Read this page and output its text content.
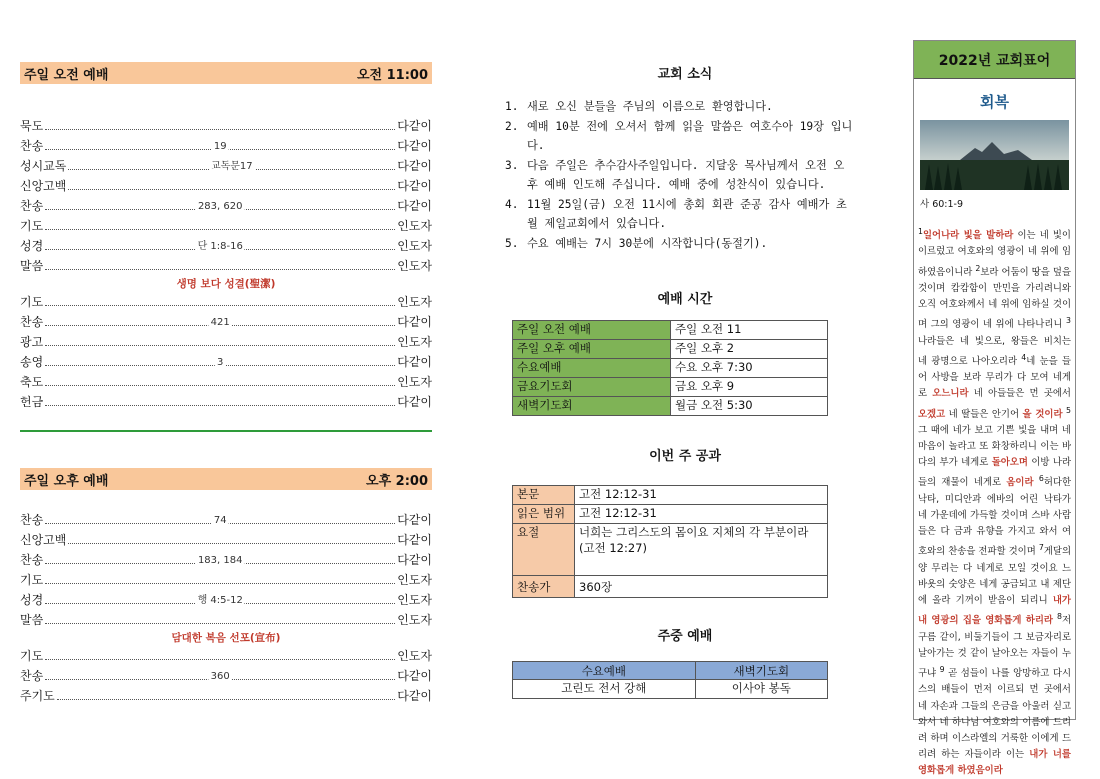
주일 오전 예배	오전 11:00
묵도	다같이
찬송	19	다같이
성시교독	교독문17	다같이
신앙고백	다같이
찬송	283, 620	다같이
기도	인도자
성경	단 1:8-16	인도자
말씀	인도자
기도	인도자
찬송	421	다같이
광고	인도자
송영	3	다같이
축도	인도자
헌금	다같이
생명 보다 성결(聖潔)
주일 오후 예배	오후 2:00
찬송	74	다같이
신앙고백	다같이
찬송	183, 184	다같이
기도	인도자
성경	행 4:5-12	인도자
말씀	인도자
기도	인도자
찬송	360	다같이
주기도	다같이
담대한 복음 선포(宣布)
교회 소식
1. 새로 오신 분들을 주님의 이름으로 환영합니다.
2. 예배 10분 전에 오셔서 함께 읽을 말씀은 여호수아 19장 입니다.
3. 다음 주일은 추수감사주일입니다. 지달웅 목사님께서 오전 오후 예배 인도해 주십니다. 예배 중에 성찬식이 있습니다.
4. 11월 25일(금) 오전 11시에 총회 회관 준공 감사 예배가 초월 제일교회에서 있습니다.
5. 수요 예배는 7시 30분에 시작합니다(동절기).
예배 시간
주일 오전 예배	주일 오전 11
주일 오후 예배	주일 오후 2
수요예배	수요 오후 7:30
금요기도회	금요 오후 9
새벽기도회	월금 오전 5:30
이번 주 공과
본문	고전 12:12-31
읽은 범위	고전 12:12-31
요절	너희는 그리스도의 몸이요 지체의 각 부분이라 (고전 12:27)
찬송가	360장
주중 예배
수요예배	새벽기도회
고린도 전서 강해	이사야 봉독
2022년 교회표어
회복
사 60:1-9
$^1$일어나라 빛을 발하라 이는 네 빛이 이르렀고 여호와의 영광이 네 위에 임하였음이니라 $^2$보라 어둠이 땅을 덮을 것이며 캄캄함이 만민을 가리려니와 오직 여호와께서 네 위에 임하실 것이며 그의 영광이 네 위에 나타나리니 $^3$나라들은 네 빛으로, 왕들은 비치는 네 광명으로 나아오리라 $^4$네 눈을 들어 사방을 보라 무리가 다 모여 네게로 오느니라 네 아들들은 먼 곳에서 오겠고 네 딸들은 안기어 올 것이라 $^5$그 때에 네가 보고 기쁜 빛을 내며 네 마음이 놀라고 또 화창하리니 이는 바다의 부가 네게로 돌아오며 이방 나라들의 재물이 네게로 옴이라 $^6$허다한 낙타, 미디안과 에바의 어린 낙타가 네 가운데에 가득할 것이며 스바 사람들은 다 금과 유향을 가지고 와서 여호와의 찬송을 전파할 것이며 $^7$게달의 양 무리는 다 네게로 모일 것이요 느바욧의 숫양은 네게 공급되고 내 제단에 올라 기꺼이 받음이 되리니 내가 내 영광의 집을 영화롭게 하리라 $^8$저 구름 같이, 비둘기들이 그 보금자리로 날아가는 것 같이 날아오는 자들이 누구냐 $^9$ 곧 섬들이 나를 앙망하고 다시스의 배들이 먼저 이르되 먼 곳에서 네 자손과 그들의 은금을 아울러 싣고 와서 네 하나님 여호와의 이름에 드리려 하며 이스라엘의 거룩한 이에게 드리려 하는 자들이라 이는 내가 너를 영화롭게 하였음이라
